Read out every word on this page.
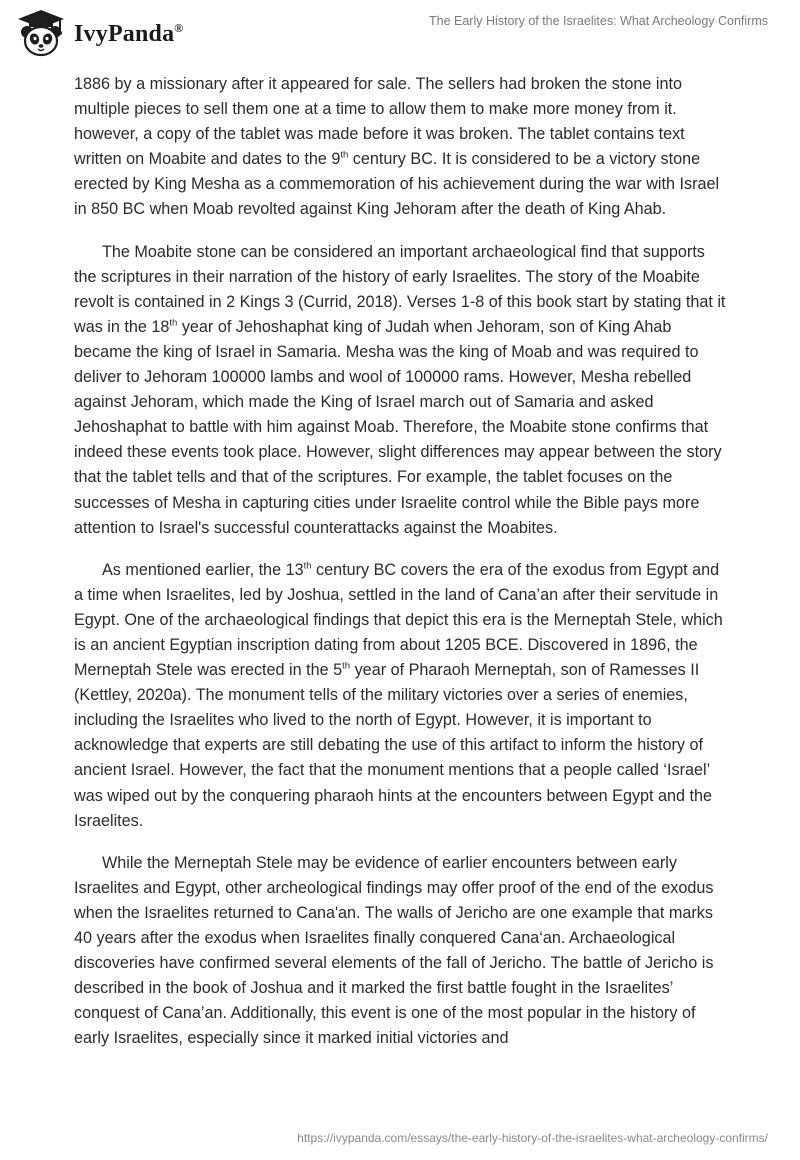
IvyPanda®	The Early History of the Israelites: What Archeology Confirms

1886 by a missionary after it appeared for sale. The sellers had broken the stone into multiple pieces to sell them one at a time to allow them to make more money from it. however, a copy of the tablet was made before it was broken. The tablet contains text written on Moabite and dates to the 9th century BC. It is considered to be a victory stone erected by King Mesha as a commemoration of his achievement during the war with Israel in 850 BC when Moab revolted against King Jehoram after the death of King Ahab.

The Moabite stone can be considered an important archaeological find that supports the scriptures in their narration of the history of early Israelites. The story of the Moabite revolt is contained in 2 Kings 3 (Currid, 2018). Verses 1-8 of this book start by stating that it was in the 18th year of Jehoshaphat king of Judah when Jehoram, son of King Ahab became the king of Israel in Samaria. Mesha was the king of Moab and was required to deliver to Jehoram 100000 lambs and wool of 100000 rams. However, Mesha rebelled against Jehoram, which made the King of Israel march out of Samaria and asked Jehoshaphat to battle with him against Moab. Therefore, the Moabite stone confirms that indeed these events took place. However, slight differences may appear between the story that the tablet tells and that of the scriptures. For example, the tablet focuses on the successes of Mesha in capturing cities under Israelite control while the Bible pays more attention to Israel's successful counterattacks against the Moabites.

As mentioned earlier, the 13th century BC covers the era of the exodus from Egypt and a time when Israelites, led by Joshua, settled in the land of Cana’an after their servitude in Egypt. One of the archaeological findings that depict this era is the Merneptah Stele, which is an ancient Egyptian inscription dating from about 1205 BCE. Discovered in 1896, the Merneptah Stele was erected in the 5th year of Pharaoh Merneptah, son of Ramesses II (Kettley, 2020a). The monument tells of the military victories over a series of enemies, including the Israelites who lived to the north of Egypt. However, it is important to acknowledge that experts are still debating the use of this artifact to inform the history of ancient Israel. However, the fact that the monument mentions that a people called ‘Israel’ was wiped out by the conquering pharaoh hints at the encounters between Egypt and the Israelites.

While the Merneptah Stele may be evidence of earlier encounters between early Israelites and Egypt, other archeological findings may offer proof of the end of the exodus when the Israelites returned to Cana'an. The walls of Jericho are one example that marks 40 years after the exodus when Israelites finally conquered Cana‘an. Archaeological discoveries have confirmed several elements of the fall of Jericho. The battle of Jericho is described in the book of Joshua and it marked the first battle fought in the Israelites’ conquest of Cana’an. Additionally, this event is one of the most popular in the history of early Israelites, especially since it marked initial victories and

https://ivypanda.com/essays/the-early-history-of-the-israelites-what-archeology-confirms/
